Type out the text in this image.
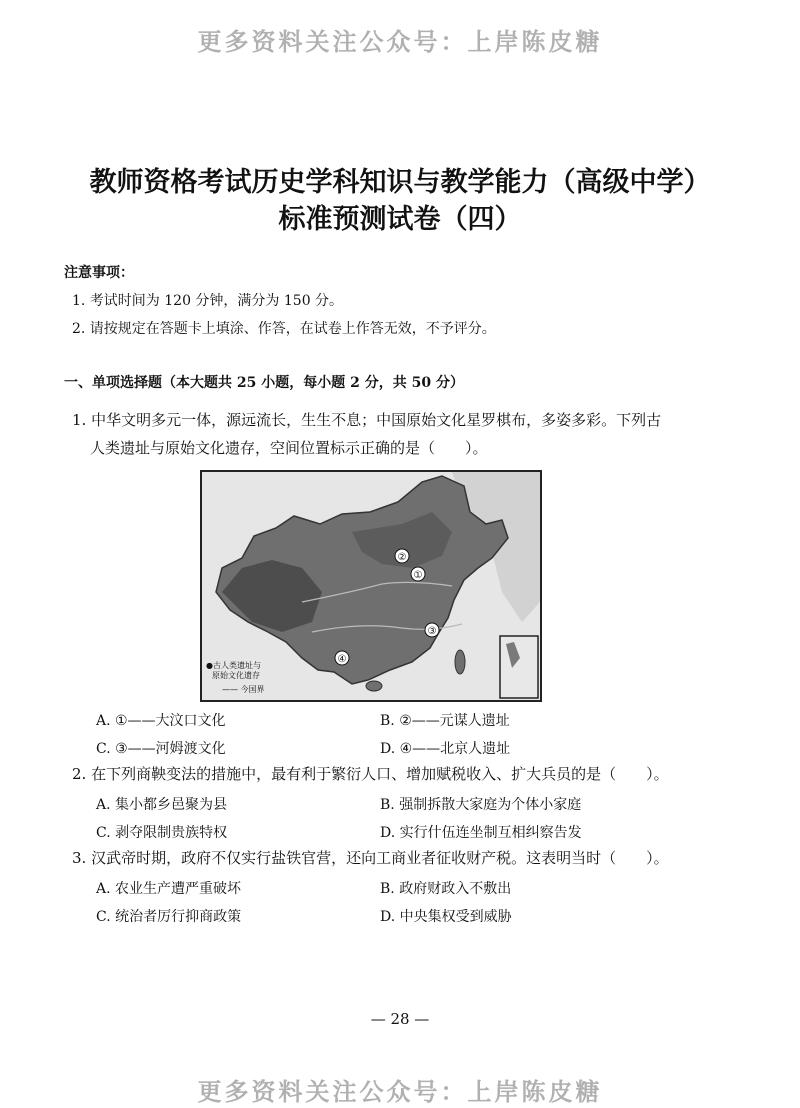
更多资料关注公众号：上岸陈皮糖
教师资格考试历史学科知识与教学能力（高级中学）
标准预测试卷（四）
注意事项：
1. 考试时间为 120 分钟，满分为 150 分。
2. 请按规定在答题卡上填涂、作答，在试卷上作答无效，不予评分。
一、单项选择题（本大题共 25 小题，每小题 2 分，共 50 分）
1. 中华文明多元一体，源远流长，生生不息；中国原始文化星罗棋布，多姿多彩。下列古
人类遗址与原始文化遗存，空间位置标示正确的是（　　）。
①
②
③
④
●古人类遗址与
原始文化遗存
—— 今国界
A. ①——大汶口文化	B. ②——元谋人遗址
C. ③——河姆渡文化	D. ④——北京人遗址
2. 在下列商鞅变法的措施中，最有利于繁衍人口、增加赋税收入、扩大兵员的是（　　）。
A. 集小都乡邑聚为县	B. 强制拆散大家庭为个体小家庭
C. 剥夺限制贵族特权	D. 实行什伍连坐制互相纠察告发
3. 汉武帝时期，政府不仅实行盐铁官营，还向工商业者征收财产税。这表明当时（　　）。
A. 农业生产遭严重破坏	B. 政府财政入不敷出
C. 统治者厉行抑商政策	D. 中央集权受到威胁
— 28 —
更多资料关注公众号：上岸陈皮糖
